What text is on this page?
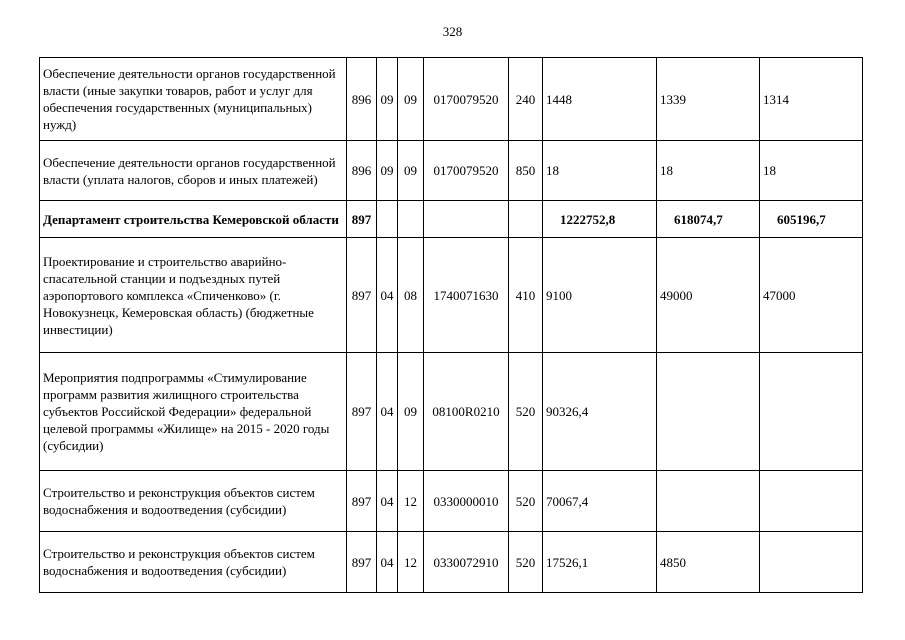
328
Обеспечение деятельности органов государственной власти (иные закупки товаров, работ и услуг для обеспечения государственных (муниципальных) нужд)	896	09	09	0170079520	240	1448	1339	1314
Обеспечение деятельности органов государственной власти (уплата налогов, сборов и иных платежей)	896	09	09	0170079520	850	18	18	18
Департамент строительства Кемеровской области	897					1222752,8	618074,7	605196,7
Проектирование и строительство аварийно-спасательной станции и подъездных путей аэропортового комплекса «Спиченково» (г. Новокузнецк, Кемеровская область) (бюджетные инвестиции)	897	04	08	1740071630	410	9100	49000	47000
Мероприятия подпрограммы «Стимулирование программ развития жилищного строительства субъектов Российской Федерации» федеральной целевой программы «Жилище» на 2015 - 2020 годы (субсидии)	897	04	09	08100R0210	520	90326,4		
Строительство и реконструкция объектов систем водоснабжения и водоотведения (субсидии)	897	04	12	0330000010	520	70067,4		
Строительство и реконструкция объектов систем водоснабжения и водоотведения (субсидии)	897	04	12	0330072910	520	17526,1	4850	
